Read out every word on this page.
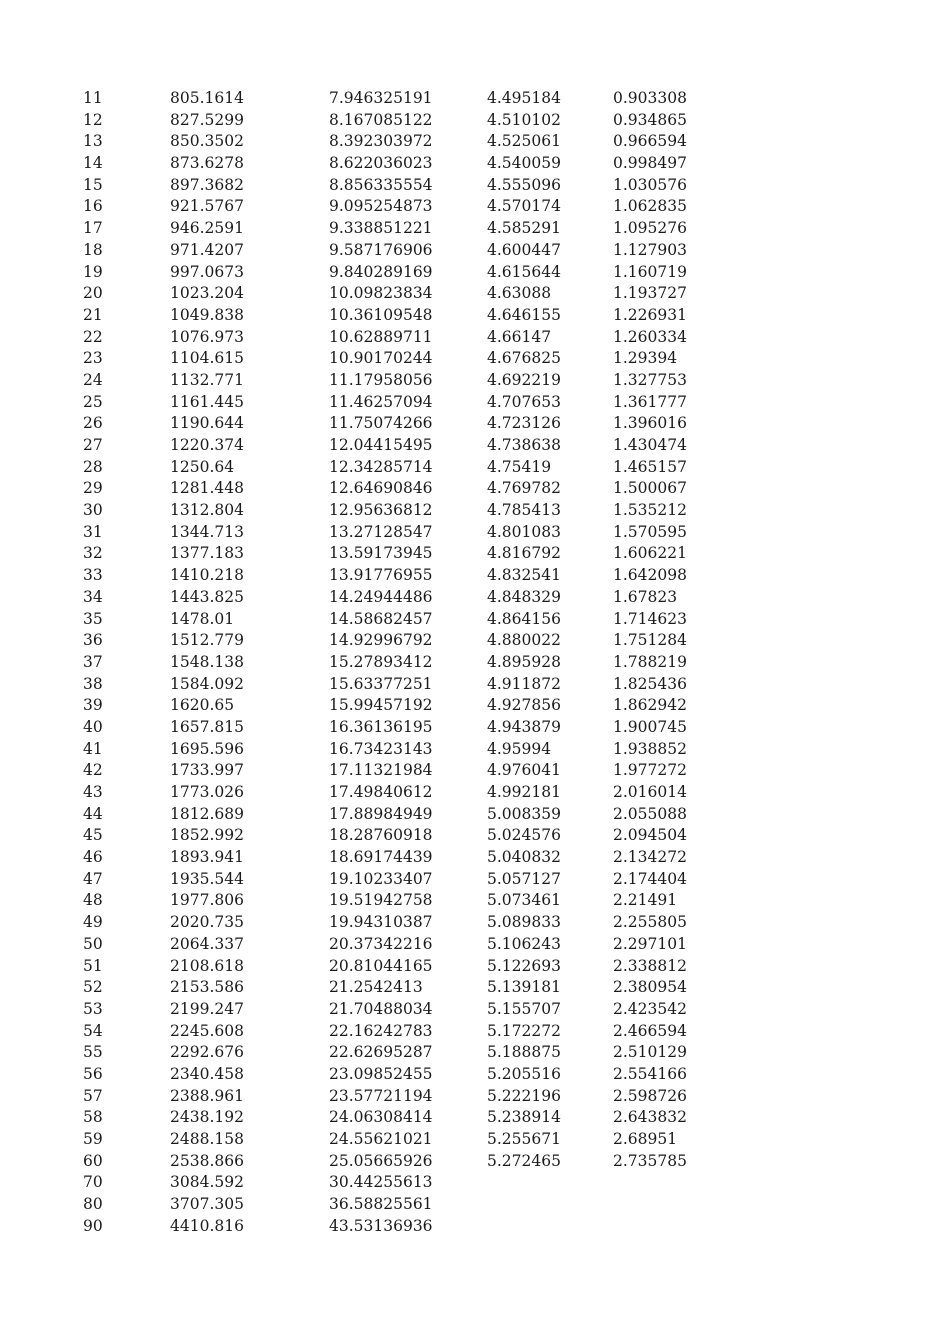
11	805.1614	7.946325191	4.495184	0.903308
12	827.5299	8.167085122	4.510102	0.934865
13	850.3502	8.392303972	4.525061	0.966594
14	873.6278	8.622036023	4.540059	0.998497
15	897.3682	8.856335554	4.555096	1.030576
16	921.5767	9.095254873	4.570174	1.062835
17	946.2591	9.338851221	4.585291	1.095276
18	971.4207	9.587176906	4.600447	1.127903
19	997.0673	9.840289169	4.615644	1.160719
20	1023.204	10.09823834	4.63088	1.193727
21	1049.838	10.36109548	4.646155	1.226931
22	1076.973	10.62889711	4.66147	1.260334
23	1104.615	10.90170244	4.676825	1.29394
24	1132.771	11.17958056	4.692219	1.327753
25	1161.445	11.46257094	4.707653	1.361777
26	1190.644	11.75074266	4.723126	1.396016
27	1220.374	12.04415495	4.738638	1.430474
28	1250.64	12.34285714	4.75419	1.465157
29	1281.448	12.64690846	4.769782	1.500067
30	1312.804	12.95636812	4.785413	1.535212
31	1344.713	13.27128547	4.801083	1.570595
32	1377.183	13.59173945	4.816792	1.606221
33	1410.218	13.91776955	4.832541	1.642098
34	1443.825	14.24944486	4.848329	1.67823
35	1478.01	14.58682457	4.864156	1.714623
36	1512.779	14.92996792	4.880022	1.751284
37	1548.138	15.27893412	4.895928	1.788219
38	1584.092	15.63377251	4.911872	1.825436
39	1620.65	15.99457192	4.927856	1.862942
40	1657.815	16.36136195	4.943879	1.900745
41	1695.596	16.73423143	4.95994	1.938852
42	1733.997	17.11321984	4.976041	1.977272
43	1773.026	17.49840612	4.992181	2.016014
44	1812.689	17.88984949	5.008359	2.055088
45	1852.992	18.28760918	5.024576	2.094504
46	1893.941	18.69174439	5.040832	2.134272
47	1935.544	19.10233407	5.057127	2.174404
48	1977.806	19.51942758	5.073461	2.21491
49	2020.735	19.94310387	5.089833	2.255805
50	2064.337	20.37342216	5.106243	2.297101
51	2108.618	20.81044165	5.122693	2.338812
52	2153.586	21.2542413	5.139181	2.380954
53	2199.247	21.70488034	5.155707	2.423542
54	2245.608	22.16242783	5.172272	2.466594
55	2292.676	22.62695287	5.188875	2.510129
56	2340.458	23.09852455	5.205516	2.554166
57	2388.961	23.57721194	5.222196	2.598726
58	2438.192	24.06308414	5.238914	2.643832
59	2488.158	24.55621021	5.255671	2.68951
60	2538.866	25.05665926	5.272465	2.735785
70	3084.592	30.44255613
80	3707.305	36.58825561
90	4410.816	43.53136936
